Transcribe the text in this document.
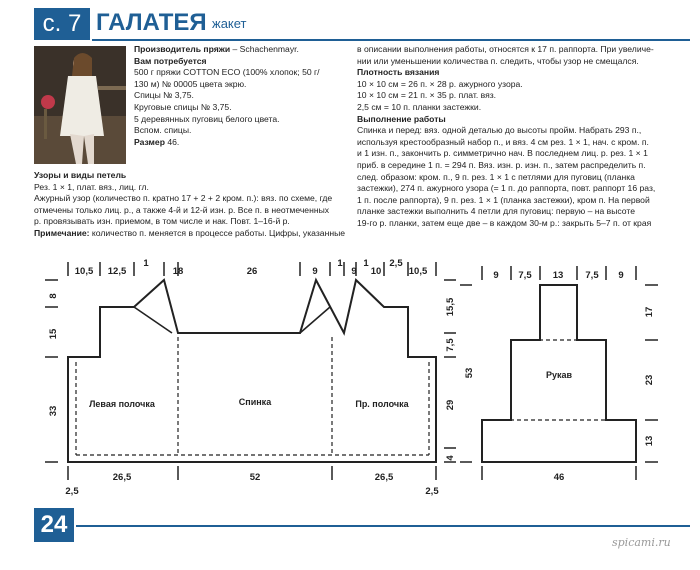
с. 7 ГАЛАТЕЯ жакет
Производитель пряжи – Schachenmayr.
Вам потребуется
500 г пряжи COTTON ECO (100% хлопок; 50 г/
130 м) № 00005 цвета экрю.
Спицы № 3,75.
Круговые спицы № 3,75.
5 деревянных пуговиц белого цвета.
Вспом. спицы.
Размер 46.
Узоры и виды петель
Рез. 1 × 1, плат. вяз., лиц. гл.
Ажурный узор (количество п. кратно 17 + 2 + 2 кром. п.): вяз. по схеме, где
отмечены только лиц. р., а также 4-й и 12-й изн. р. Все п. в неотмеченных
р. провязывать изн. приемом, в том числе и нак. Повт. 1–16-й р.
Примечание: количество п. меняется в процессе работы. Цифры, указанные
в описании выполнения работы, относятся к 17 п. раппорта. При увеличе-
нии или уменьшении количества п. следить, чтобы узор не смещался.
Плотность вязания
10 × 10 см = 26 п. × 28 р. ажурного узора.
10 × 10 см = 21 п. × 35 р. плат. вяз.
2,5 см = 10 п. планки застежки.
Выполнение работы
Спинка и перед: вяз. одной деталью до высоты пройм. Набрать 293 п.,
используя крестообразный набор п., и вяз. 4 см рез. 1 × 1, нач. с кром. п.
и 1 изн. п., закончить р. симметрично нач. В последнем лиц. р. рез. 1 × 1
приб. в середине 1 п. = 294 п. Вяз. изн. р. изн. п., затем распределить п.
след. образом: кром. п., 9 п. рез. 1 × 1 с петлями для пуговиц (планка
застежки), 274 п. ажурного узора (= 1 п. до раппорта, повт. раппорт 16 раз,
1 п. после раппорта), 9 п. рез. 1 × 1 (планка застежки), кром п. На первой
планке застежки выполнить 4 петли для пуговиц: первую – на высоте
19-го р. планки, затем еще две – в каждом 30-м р.: закрыть 5–7 п. от края
10,5 12,5
1
18	26	9
1
9
1
10
2,5
10,5
8
15
33
15,5
7,5
29
4
Левая полочка	Спинка	Пр. полочка
26,5	52	26,5
2,5	2,5
9 7,5 13 7,5 9
53
17
23
13
Рукав
46
24
spicami.ru
